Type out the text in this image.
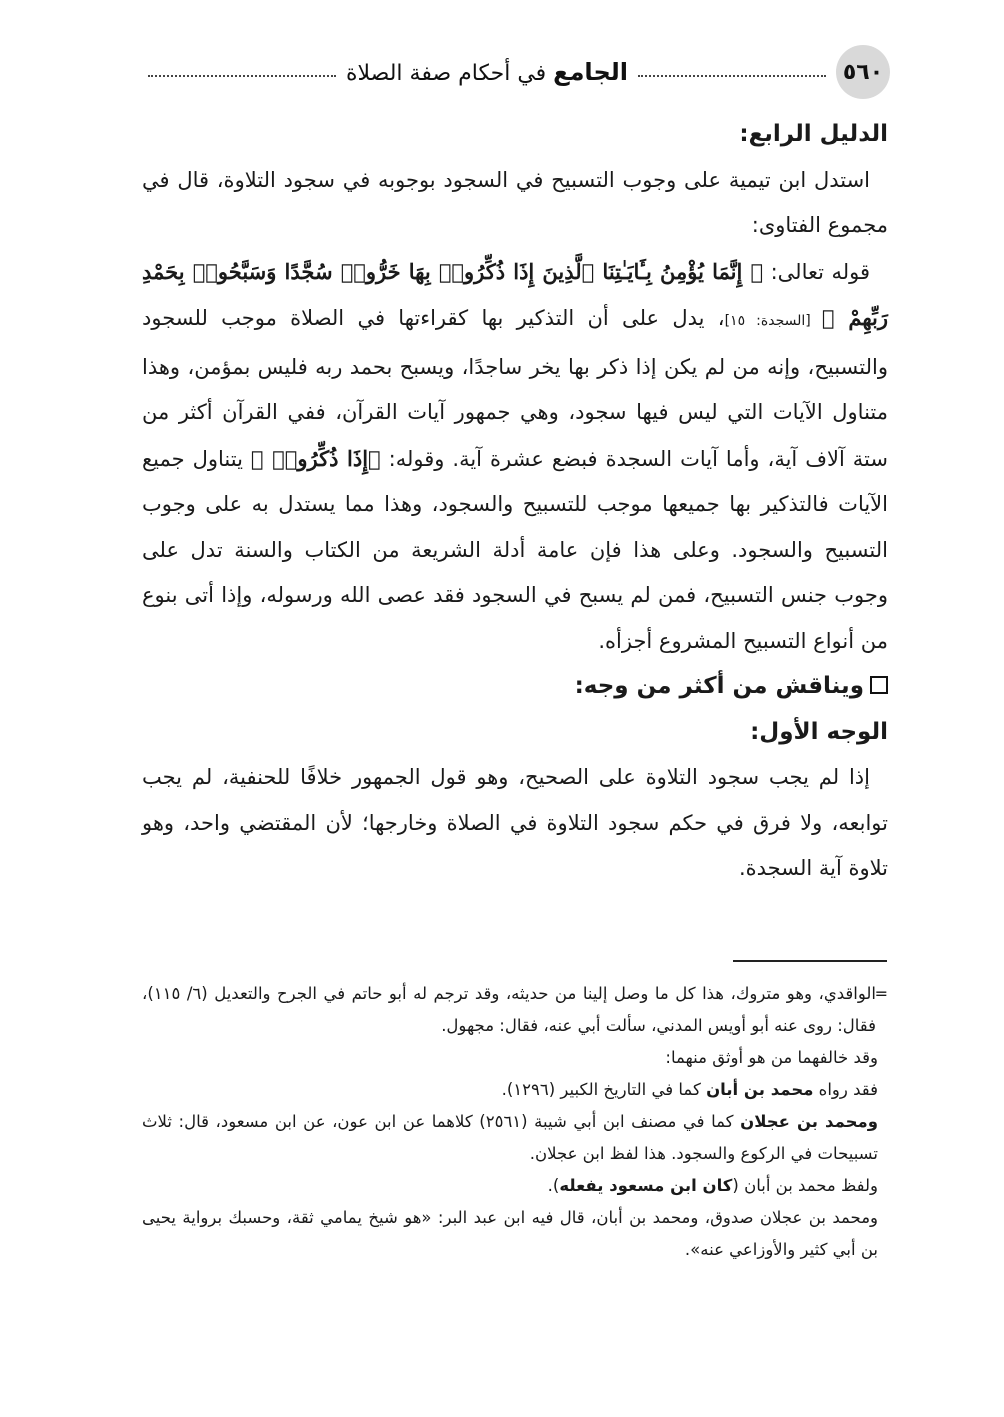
٥٦٠
الجامع في أحكام صفة الصلاة

الدليل الرابع:

استدل ابن تيمية على وجوب التسبيح في السجود بوجوبه في سجود التلاوة، قال في مجموع الفتاوى:

قوله تعالى: ﴿ إِنَّمَا يُؤْمِنُ بِـَٔايَـٰتِنَا ٱلَّذِينَ إِذَا ذُكِّرُوا۟ بِهَا خَرُّوا۟ سُجَّدًا وَسَبَّحُوا۟ بِحَمْدِ رَبِّهِمْ ﴾ [السجدة: ١٥]، يدل على أن التذكير بها كقراءتها في الصلاة موجب للسجود والتسبيح، وإنه من لم يكن إذا ذكر بها يخر ساجدًا، ويسبح بحمد ربه فليس بمؤمن، وهذا متناول الآيات التي ليس فيها سجود، وهي جمهور آيات القرآن، ففي القرآن أكثر من ستة آلاف آية، وأما آيات السجدة فبضع عشرة آية. وقوله: ﴿إِذَا ذُكِّرُوا۟ ﴾ يتناول جميع الآيات فالتذكير بها جميعها موجب للتسبيح والسجود، وهذا مما يستدل به على وجوب التسبيح والسجود. وعلى هذا فإن عامة أدلة الشريعة من الكتاب والسنة تدل على وجوب جنس التسبيح، فمن لم يسبح في السجود فقد عصى الله ورسوله، وإذا أتى بنوع من أنواع التسبيح المشروع أجزأه.

ويناقش من أكثر من وجه:

الوجه الأول:

إذا لم يجب سجود التلاوة على الصحيح، وهو قول الجمهور خلافًا للحنفية، لم يجب توابعه، ولا فرق في حكم سجود التلاوة في الصلاة وخارجها؛ لأن المقتضي واحد، وهو تلاوة آية السجدة.

=

الواقدي، وهو متروك، هذا كل ما وصل إلينا من حديثه، وقد ترجم له أبو حاتم في الجرح والتعديل (٦/ ١١٥)، فقال: روى عنه أبو أويس المدني، سألت أبي عنه، فقال: مجهول.

وقد خالفهما من هو أوثق منهما:

فقد رواه محمد بن أبان كما في التاريخ الكبير (١٢٩٦).

ومحمد بن عجلان كما في مصنف ابن أبي شيبة (٢٥٦١) كلاهما عن ابن عون، عن ابن مسعود، قال: ثلاث تسبيحات في الركوع والسجود. هذا لفظ ابن عجلان.

ولفظ محمد بن أبان (كان ابن مسعود يفعله).

ومحمد بن عجلان صدوق، ومحمد بن أبان، قال فيه ابن عبد البر: «هو شيخ يمامي ثقة، وحسبك برواية يحيى بن أبي كثير والأوزاعي عنه».
